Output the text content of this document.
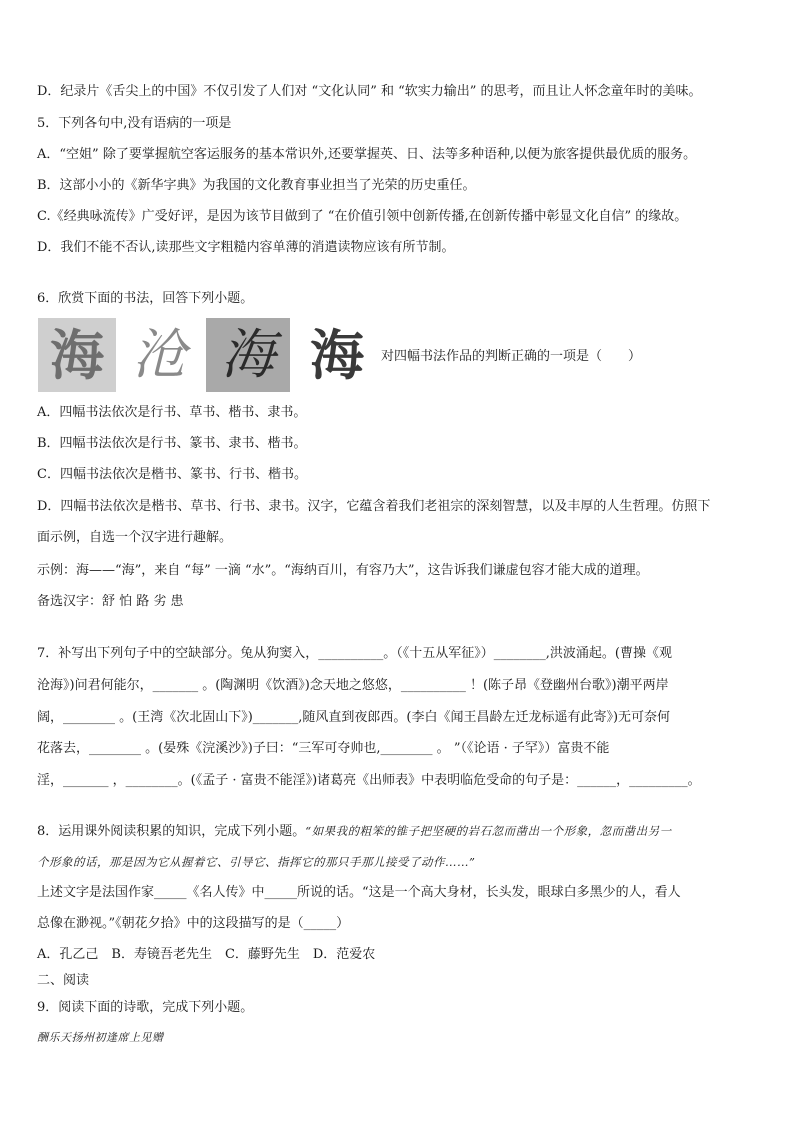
D．纪录片《舌尖上的中国》不仅引发了人们对 “文化认同” 和 “软实力输出” 的思考，而且让人怀念童年时的美味。
5．下列各句中,没有语病的一项是
A．“空姐” 除了要掌握航空客运服务的基本常识外,还要掌握英、日、法等多种语种,以便为旅客提供最优质的服务。
B．这部小小的《新华字典》为我国的文化教育事业担当了光荣的历史重任。
C.《经典咏流传》广受好评，是因为该节目做到了 “在价值引领中创新传播,在创新传播中彰显文化自信” 的缘故。
D．我们不能不否认,读那些文字粗糙内容单薄的消遣读物应该有所节制。
6．欣赏下面的书法，回答下列小题。
海 沧 海 海	对四幅书法作品的判断正确的一项是（　　）
A．四幅书法依次是行书、草书、楷书、隶书。
B．四幅书法依次是行书、篆书、隶书、楷书。
C．四幅书法依次是楷书、篆书、行书、楷书。
D．四幅书法依次是楷书、草书、行书、隶书。汉字，它蕴含着我们老祖宗的深刻智慧，以及丰厚的人生哲理。仿照下
面示例，自选一个汉字进行趣解。
示例：海——“海”，来自 “每” 一滴 “水”。“海纳百川，有容乃大”，这告诉我们谦虚包容才能大成的道理。
备选汉字：舒 怕 路 劣 患
7．补写出下列句子中的空缺部分。兔从狗窦入，__________。（《十五从军征》）________,洪波涌起。(曹操《观
沧海》)问君何能尔，_______ 。(陶渊明《饮酒》)念天地之悠悠，__________ ！(陈子昂《登幽州台歌》)潮平两岸
阔，________ 。(王湾《次北固山下》)_______,随风直到夜郎西。(李白《闻王昌龄左迁龙标遥有此寄》)无可奈何
花落去，________ 。(晏殊《浣溪沙》)子曰：“三军可夺帅也,________ 。 ”（《论语 · 子罕》）富贵不能
淫，_______ ，________。(《孟子 · 富贵不能淫》)诸葛亮《出师表》中表明临危受命的句子是：______，_________。
8．运用课外阅读积累的知识，完成下列小题。“如果我的粗笨的锥子把坚硬的岩石忽而凿出一个形象，忽而凿出另一
个形象的话，那是因为它从握着它、引导它、指挥它的那只手那儿接受了动作……”
上述文字是法国作家_____《名人传》中_____所说的话。“这是一个高大身材，长头发，眼球白多黑少的人，看人
总像在渺视。”《朝花夕拾》中的这段描写的是（_____）
A．孔乙己　B．寿镜吾老先生　C．藤野先生　D．范爱农
二、阅读
9．阅读下面的诗歌，完成下列小题。
酬乐天扬州初逢席上见赠
